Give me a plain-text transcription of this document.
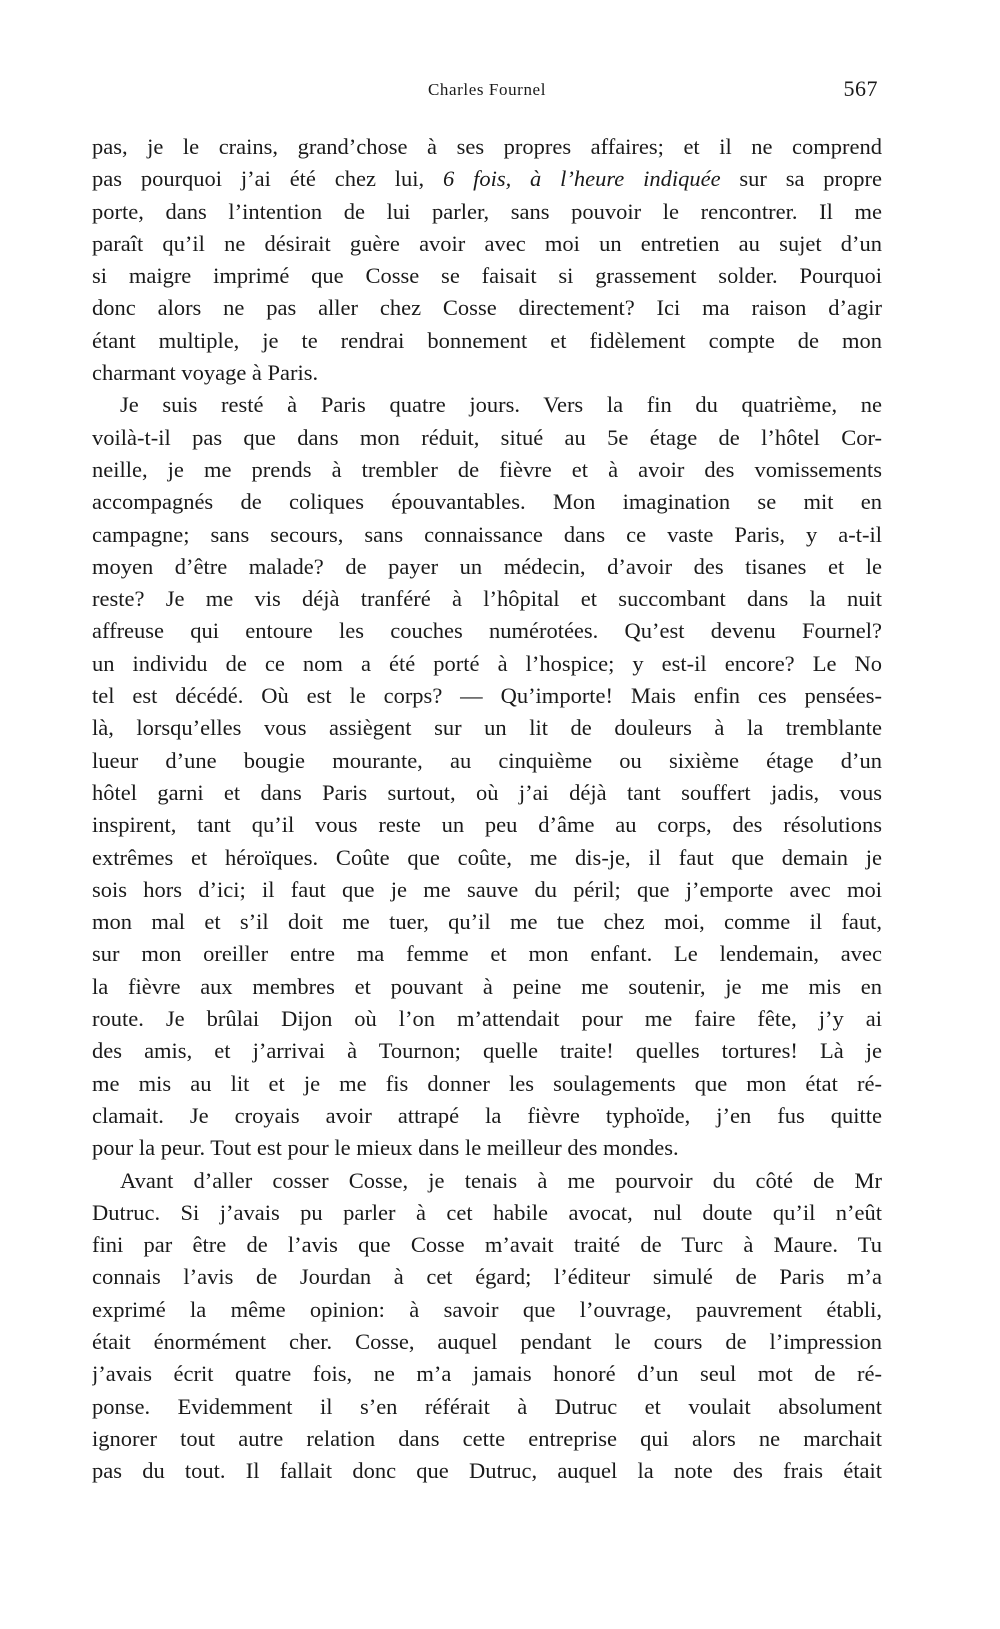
Charles Fournel	567
pas, je le crains, grand’chose à ses propres affaires; et il ne comprend
pas pourquoi j’ai été chez lui, 6 fois, à l’heure indiquée sur sa propre
porte, dans l’intention de lui parler, sans pouvoir le rencontrer. Il me
paraît qu’il ne désirait guère avoir avec moi un entretien au sujet d’un
si maigre imprimé que Cosse se faisait si grassement solder. Pourquoi
donc alors ne pas aller chez Cosse directement? Ici ma raison d’agir
étant multiple, je te rendrai bonnement et fidèlement compte de mon
charmant voyage à Paris.
Je suis resté à Paris quatre jours. Vers la fin du quatrième, ne
voilà-t-il pas que dans mon réduit, situé au 5e étage de l’hôtel Cor-
neille, je me prends à trembler de fièvre et à avoir des vomissements
accompagnés de coliques épouvantables. Mon imagination se mit en
campagne; sans secours, sans connaissance dans ce vaste Paris, y a-t-il
moyen d’être malade? de payer un médecin, d’avoir des tisanes et le
reste? Je me vis déjà tranféré à l’hôpital et succombant dans la nuit
affreuse qui entoure les couches numérotées. Qu’est devenu Fournel?
un individu de ce nom a été porté à l’hospice; y est-il encore? Le No
tel est décédé. Où est le corps? — Qu’importe! Mais enfin ces pensées-
là, lorsqu’elles vous assiègent sur un lit de douleurs à la tremblante
lueur d’une bougie mourante, au cinquième ou sixième étage d’un
hôtel garni et dans Paris surtout, où j’ai déjà tant souffert jadis, vous
inspirent, tant qu’il vous reste un peu d’âme au corps, des résolutions
extrêmes et héroïques. Coûte que coûte, me dis-je, il faut que demain je
sois hors d’ici; il faut que je me sauve du péril; que j’emporte avec moi
mon mal et s’il doit me tuer, qu’il me tue chez moi, comme il faut,
sur mon oreiller entre ma femme et mon enfant. Le lendemain, avec
la fièvre aux membres et pouvant à peine me soutenir, je me mis en
route. Je brûlai Dijon où l’on m’attendait pour me faire fête, j’y ai
des amis, et j’arrivai à Tournon; quelle traite! quelles tortures! Là je
me mis au lit et je me fis donner les soulagements que mon état ré-
clamait. Je croyais avoir attrapé la fièvre typhoïde, j’en fus quitte
pour la peur. Tout est pour le mieux dans le meilleur des mondes.
Avant d’aller cosser Cosse, je tenais à me pourvoir du côté de Mr
Dutruc. Si j’avais pu parler à cet habile avocat, nul doute qu’il n’eût
fini par être de l’avis que Cosse m’avait traité de Turc à Maure. Tu
connais l’avis de Jourdan à cet égard; l’éditeur simulé de Paris m’a
exprimé la même opinion: à savoir que l’ouvrage, pauvrement établi,
était énormément cher. Cosse, auquel pendant le cours de l’impression
j’avais écrit quatre fois, ne m’a jamais honoré d’un seul mot de ré-
ponse. Evidemment il s’en référait à Dutruc et voulait absolument
ignorer tout autre relation dans cette entreprise qui alors ne marchait
pas du tout. Il fallait donc que Dutruc, auquel la note des frais était
